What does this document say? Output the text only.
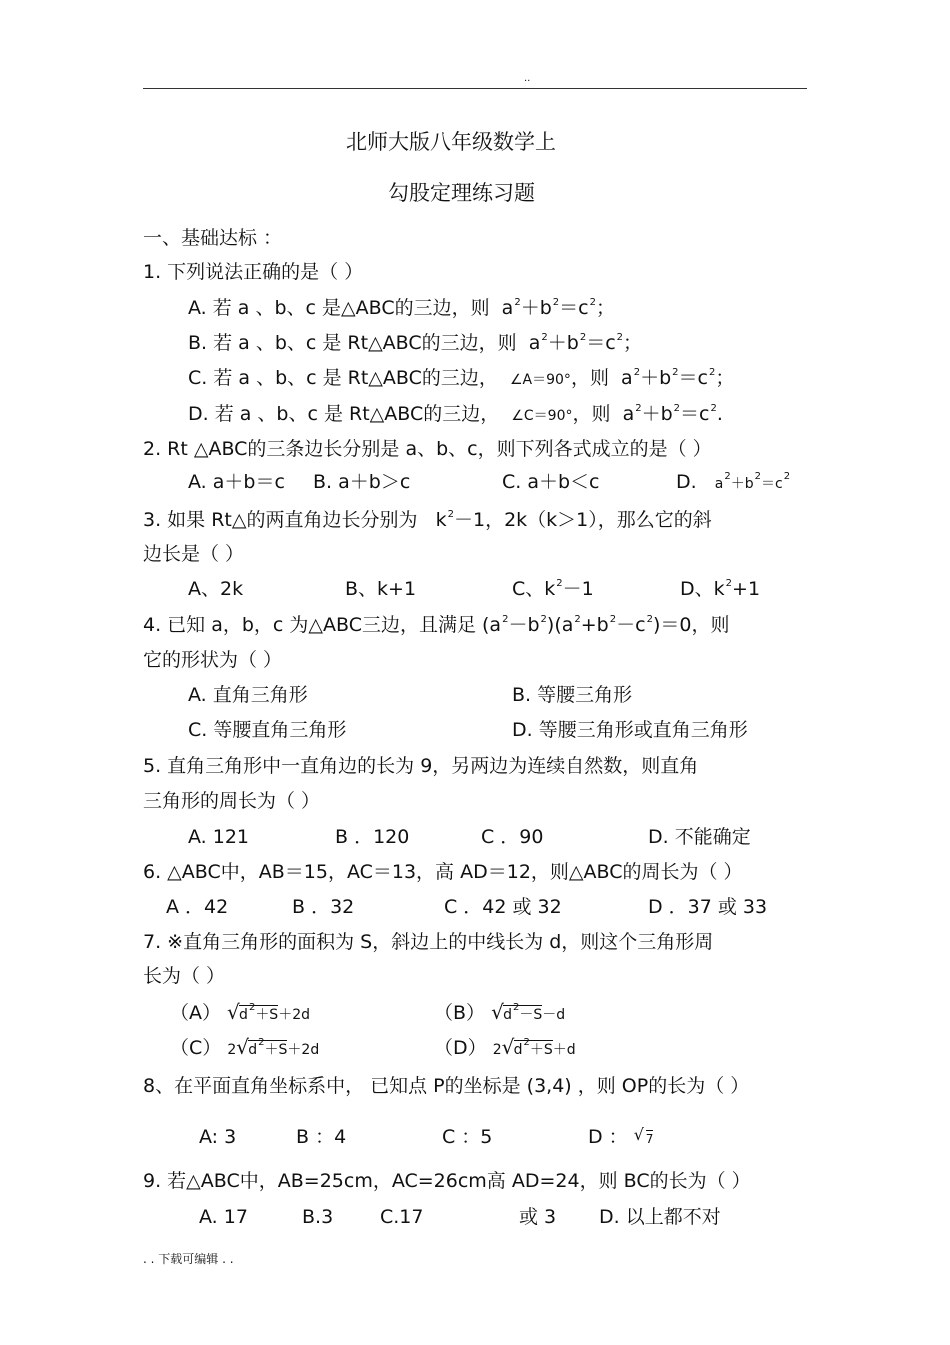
..
北师大版八年级数学上
勾股定理练习题
一、基础达标 ：
1. 下列说法正确的是（ ）
A. 若 a 、b、c 是△ABC的三边，则  $a^2+b^2=c^2$；
B. 若 a 、b、c 是 Rt△ABC的三边，则  $a^2+b^2=c^2$；
C. 若 a 、b、c 是 Rt△ABC的三边， ∠A＝90°，则  $a^2+b^2=c^2$；
D. 若 a 、b、c 是 Rt△ABC的三边， ∠C＝90°，则  $a^2+b^2=c^2$.
2. Rt △ABC的三条边长分别是 a、b、c，则下列各式成立的是（ ）
A. a＋b＝c B. a＋b＞c	C. a＋b＜c	D. $a^2+b^2=c^2$
3. 如果 Rt△的两直角边长分别为   $k^2-1$，2k（k＞1），那么它的斜
边长是（ ）
A、2k	B、k+1	C、$k^2-1$	D、$k^2+1$
4. 已知 a，b，c 为△ABC三边，且满足 $(a^2-b^2)(a^2+b^2-c^2)=0$，则
它的形状为（ ）
A. 直角三角形	B. 等腰三角形
C. 等腰直角三角形	D. 等腰三角形或直角三角形
5. 直角三角形中一直角边的长为 9，另两边为连续自然数，则直角
三角形的周长为（ ）
A. 121	B ．120	C ．90	D. 不能确定
6. △ABC中，AB＝15，AC＝13，高 AD＝12，则△ABC的周长为（ ）
A ．42	B ．32	C ．42 或 32	D ．37 或 33
7. ※直角三角形的面积为 S，斜边上的中线长为 d，则这个三角形周
长为（ ）
（A） √ $d^2+S+2d$	（B） √ $d^2-S-d$
（C） 2 √ $d^2+S+2d$	（D） 2 √ $d^2+S+d$
8、在平面直角坐标系中， 已知点 P的坐标是 (3,4) ，则 OP的长为（ ）
A: 3	B ：4	C ：5	D ： √ 7
9. 若△ABC中，AB=25cm，AC=26cm高 AD=24，则 BC的长为（ ）
A. 17	B.3 C.17	或 3 D. 以上都不对
. . 下载可编辑 . .
